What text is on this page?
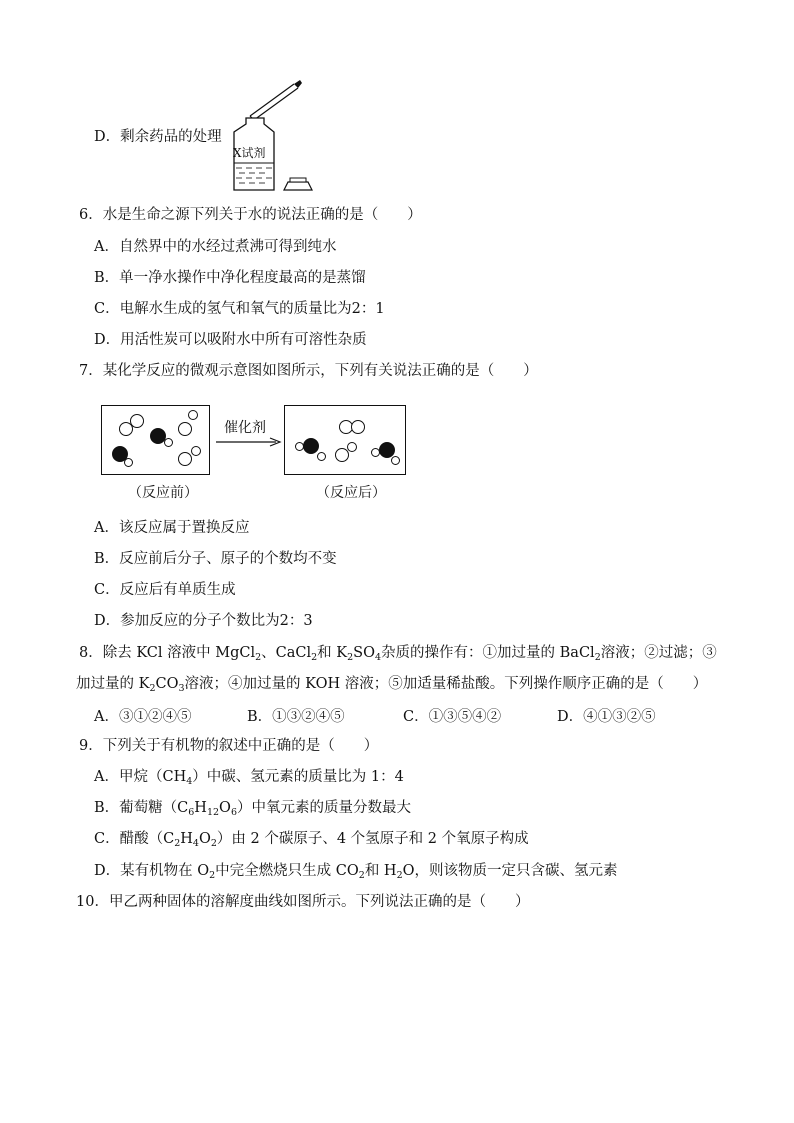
D．剩余药品的处理
X试剂
6．水是生命之源下列关于水的说法正确的是（　　）
A．自然界中的水经过煮沸可得到纯水
B．单一净水操作中净化程度最高的是蒸馏
C．电解水生成的氢气和氧气的质量比为2：1
D．用活性炭可以吸附水中所有可溶性杂质
7．某化学反应的微观示意图如图所示，下列有关说法正确的是（　　）
催化剂
（反应前）	（反应后）
A．该反应属于置换反应
B．反应前后分子、原子的个数均不变
C．反应后有单质生成
D．参加反应的分子个数比为2：3
8．除去 KCl 溶液中 MgCl$_2$、CaCl$_2$和 $K_2SO_4$杂质的操作有：①加过量的 BaCl$_2$溶液；②过滤；③
加过量的 $K_2CO_3$溶液；④加过量的 KOH 溶液；⑤加适量稀盐酸。下列操作顺序正确的是（　　）
A．③①②④⑤	B．①③②④⑤	C．①③⑤④②	D．④①③②⑤
9．下列关于有机物的叙述中正确的是（　　）
A．甲烷$(CH_4)$中碳、氢元素的质量比为 1：4
B．葡萄糖$(C_6H_{12}O_6)$中氧元素的质量分数最大
C．醋酸$(C_2H_4O_2)$由 2 个碳原子、4 个氢原子和 2 个氧原子构成
D．某有机物在 $O_2$中完全燃烧只生成 $CO_2$和 $H_2O$，则该物质一定只含碳、氢元素
10．甲乙两种固体的溶解度曲线如图所示。下列说法正确的是（　　）
